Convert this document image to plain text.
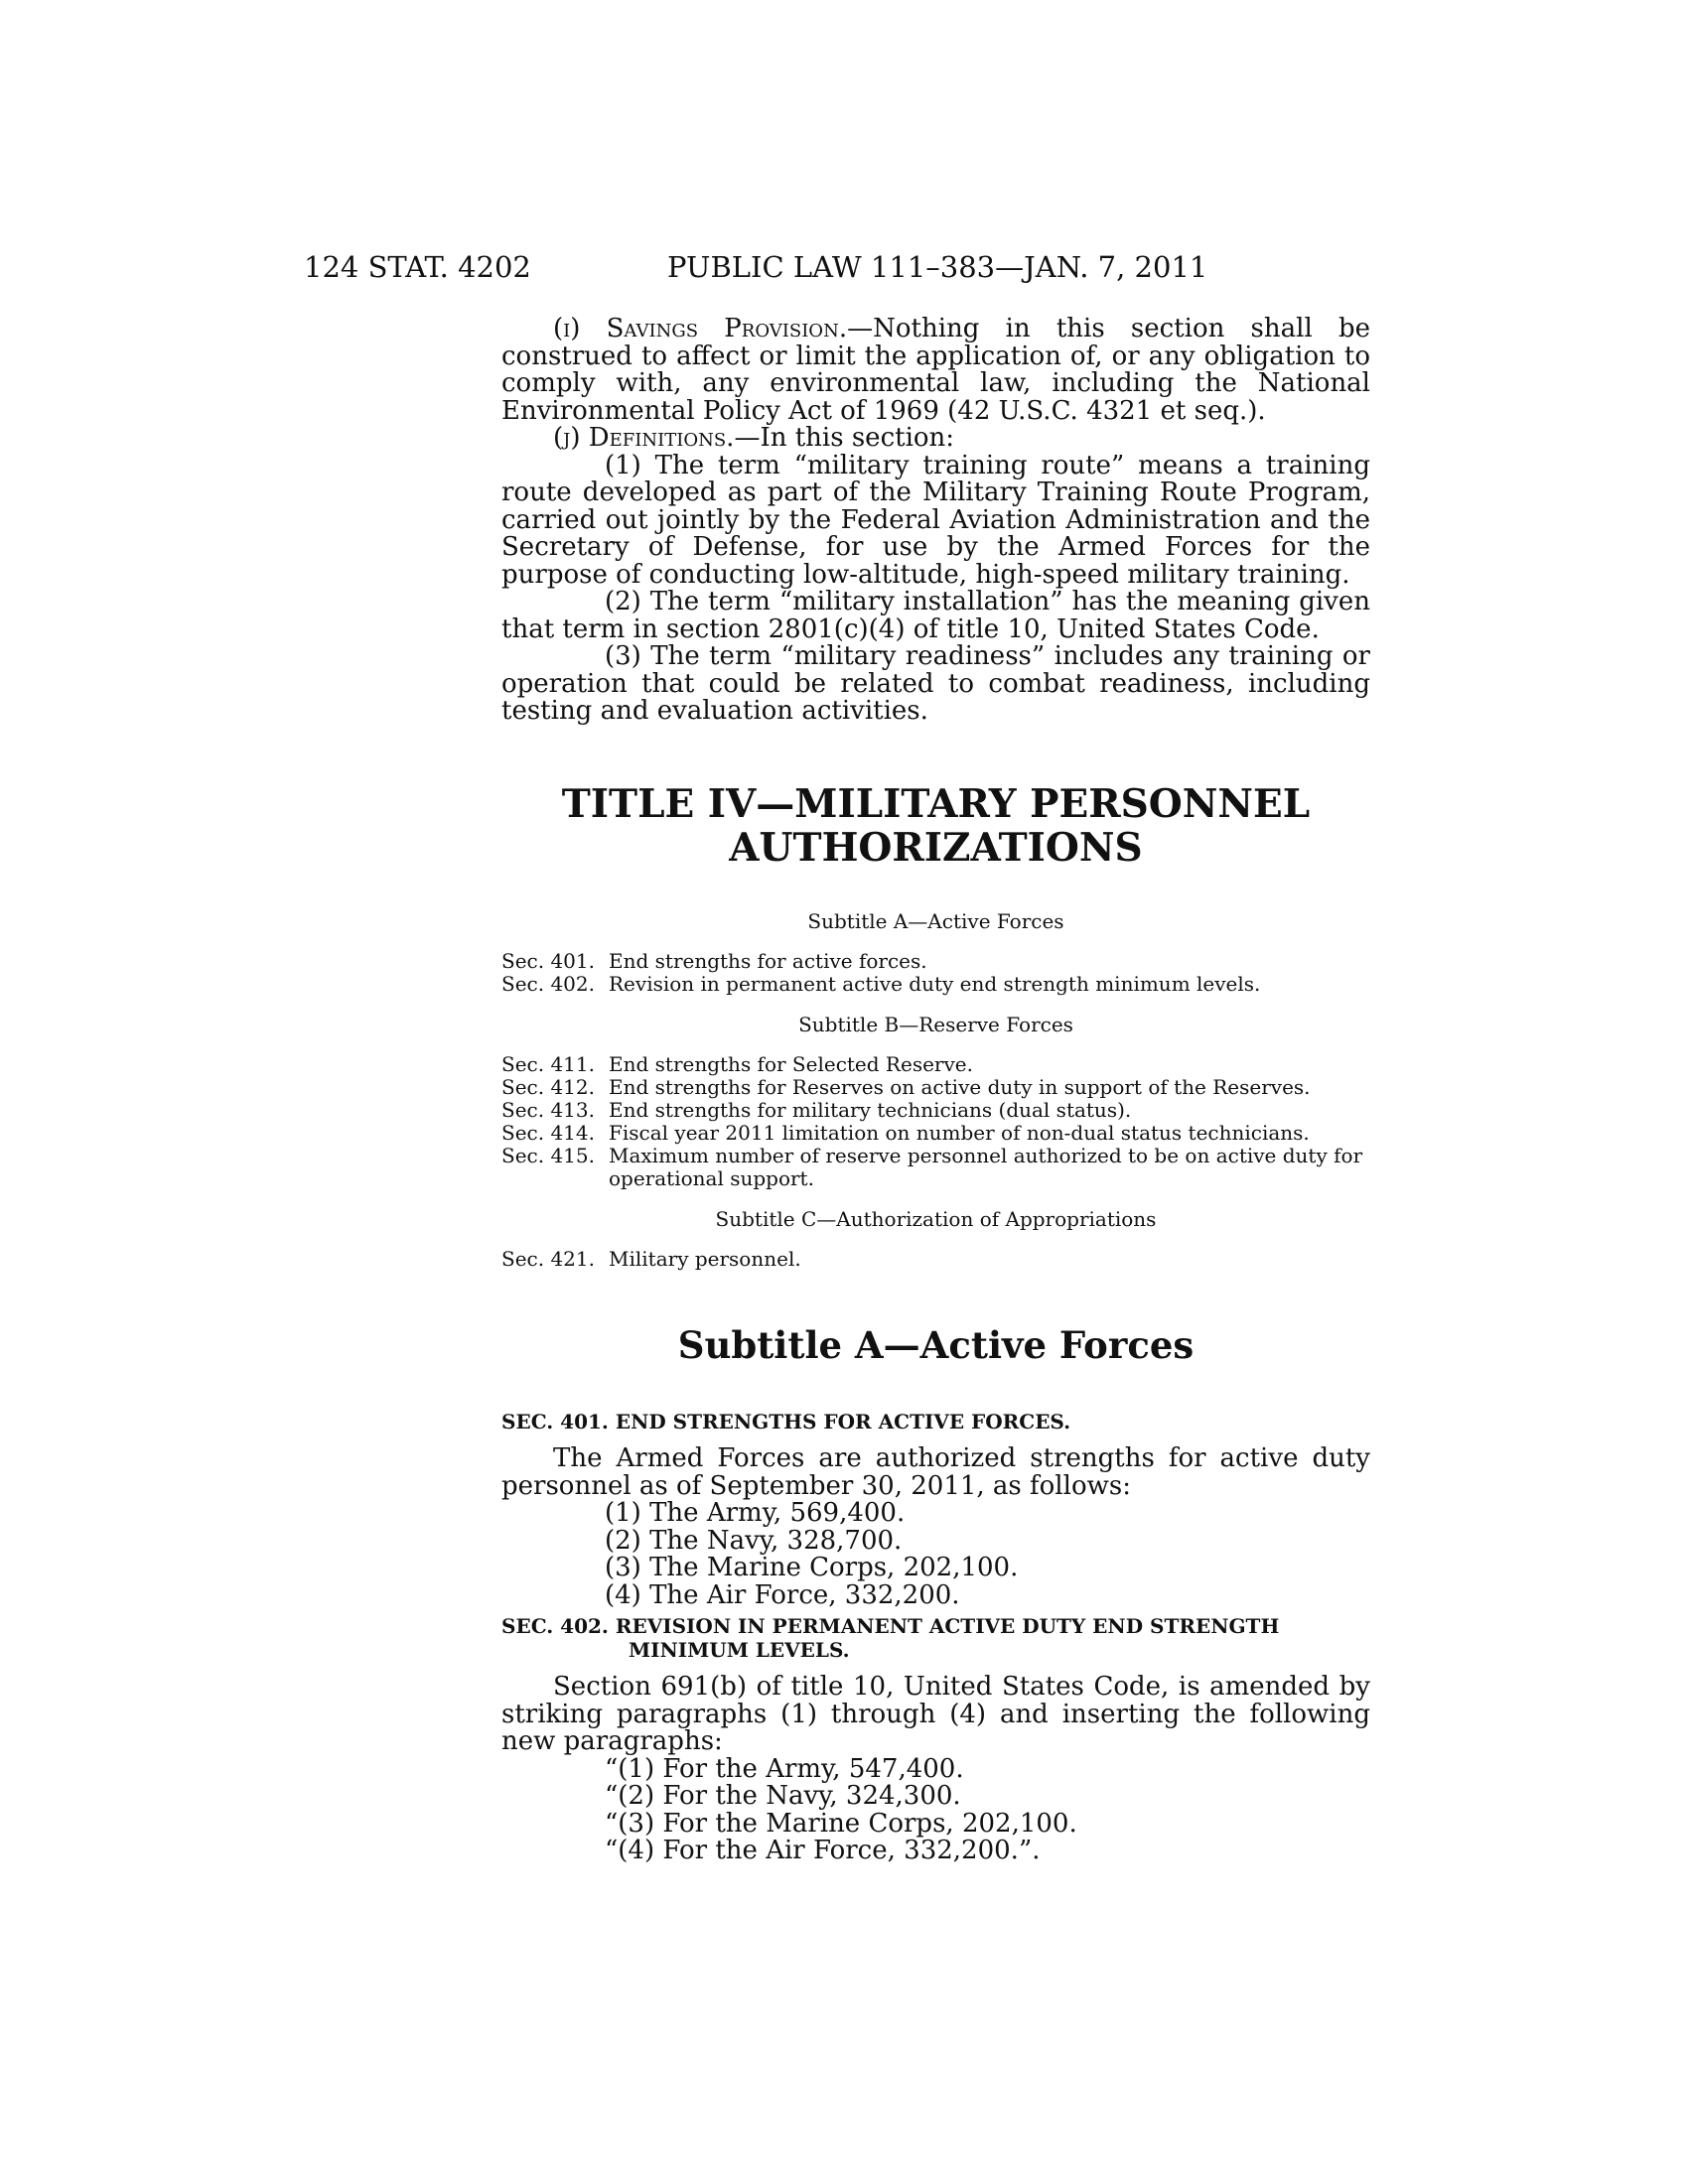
124 STAT. 4202	PUBLIC LAW 111–383—JAN. 7, 2011

(i) Savings Provision.—Nothing in this section shall be construed to affect or limit the application of, or any obligation to comply with, any environmental law, including the National Environmental Policy Act of 1969 (42 U.S.C. 4321 et seq.).

(j) Definitions.—In this section:

(1) The term “military training route” means a training route developed as part of the Military Training Route Program, carried out jointly by the Federal Aviation Administration and the Secretary of Defense, for use by the Armed Forces for the purpose of conducting low-altitude, high-speed military training.

(2) The term “military installation” has the meaning given that term in section 2801(c)(4) of title 10, United States Code.

(3) The term “military readiness” includes any training or operation that could be related to combat readiness, including testing and evaluation activities.

TITLE IV—MILITARY PERSONNEL
AUTHORIZATIONS

Subtitle A—Active Forces

Sec. 401. End strengths for active forces.

Sec. 402. Revision in permanent active duty end strength minimum levels.

Subtitle B—Reserve Forces

Sec. 411. End strengths for Selected Reserve.

Sec. 412. End strengths for Reserves on active duty in support of the Reserves.

Sec. 413. End strengths for military technicians (dual status).

Sec. 414. Fiscal year 2011 limitation on number of non-dual status technicians.

Sec. 415. Maximum number of reserve personnel authorized to be on active duty for operational support.

Subtitle C—Authorization of Appropriations

Sec. 421. Military personnel.

Subtitle A—Active Forces

SEC. 401. END STRENGTHS FOR ACTIVE FORCES.

The Armed Forces are authorized strengths for active duty personnel as of September 30, 2011, as follows:

(1) The Army, 569,400.

(2) The Navy, 328,700.

(3) The Marine Corps, 202,100.

(4) The Air Force, 332,200.

SEC. 402. REVISION IN PERMANENT ACTIVE DUTY END STRENGTH MINIMUM LEVELS.

Section 691(b) of title 10, United States Code, is amended by striking paragraphs (1) through (4) and inserting the following new paragraphs:

“(1) For the Army, 547,400.

“(2) For the Navy, 324,300.

“(3) For the Marine Corps, 202,100.

“(4) For the Air Force, 332,200.”.
